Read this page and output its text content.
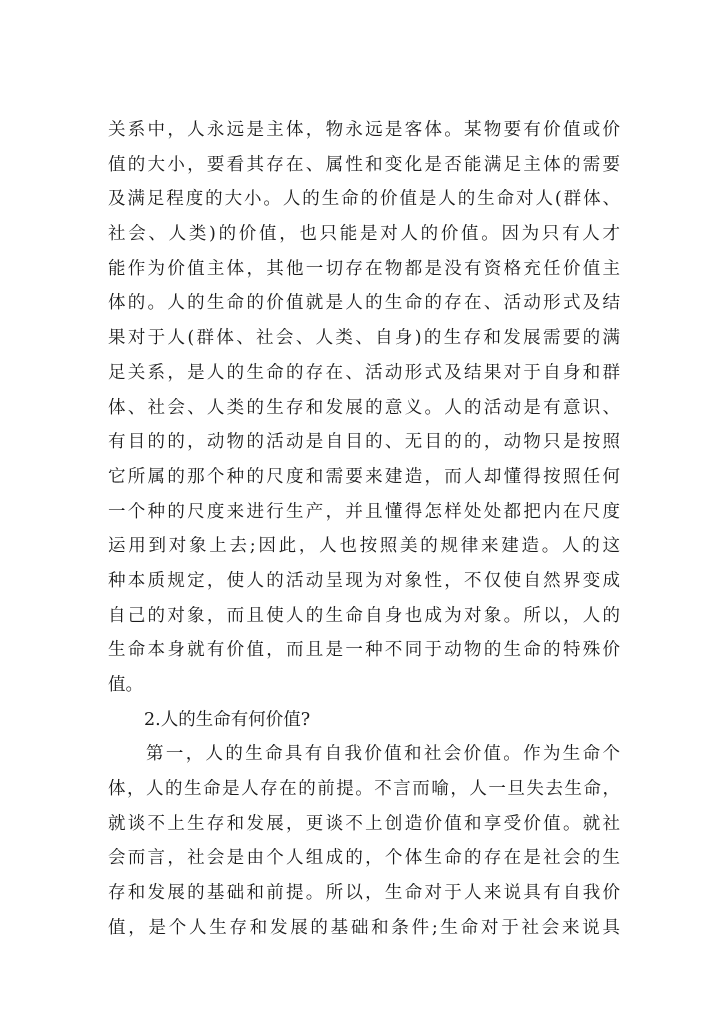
关系中，人永远是主体，物永远是客体。某物要有价值或价
值的大小，要看其存在、属性和变化是否能满足主体的需要
及满足程度的大小。人的生命的价值是人的生命对人(群体、
社会、人类)的价值，也只能是对人的价值。因为只有人才
能作为价值主体，其他一切存在物都是没有资格充任价值主
体的。人的生命的价值就是人的生命的存在、活动形式及结
果对于人(群体、社会、人类、自身)的生存和发展需要的满
足关系，是人的生命的存在、活动形式及结果对于自身和群
体、社会、人类的生存和发展的意义。人的活动是有意识、
有目的的，动物的活动是自目的、无目的的，动物只是按照
它所属的那个种的尺度和需要来建造，而人却懂得按照任何
一个种的尺度来进行生产，并且懂得怎样处处都把内在尺度
运用到对象上去;因此，人也按照美的规律来建造。人的这
种本质规定，使人的活动呈现为对象性，不仅使自然界变成
自己的对象，而且使人的生命自身也成为对象。所以，人的
生命本身就有价值，而且是一种不同于动物的生命的特殊价
值。
2.人的生命有何价值?
第一，人的生命具有自我价值和社会价值。作为生命个
体，人的生命是人存在的前提。不言而喻，人一旦失去生命，
就谈不上生存和发展，更谈不上创造价值和享受价值。就社
会而言，社会是由个人组成的，个体生命的存在是社会的生
存和发展的基础和前提。所以，生命对于人来说具有自我价
值，是个人生存和发展的基础和条件;生命对于社会来说具
